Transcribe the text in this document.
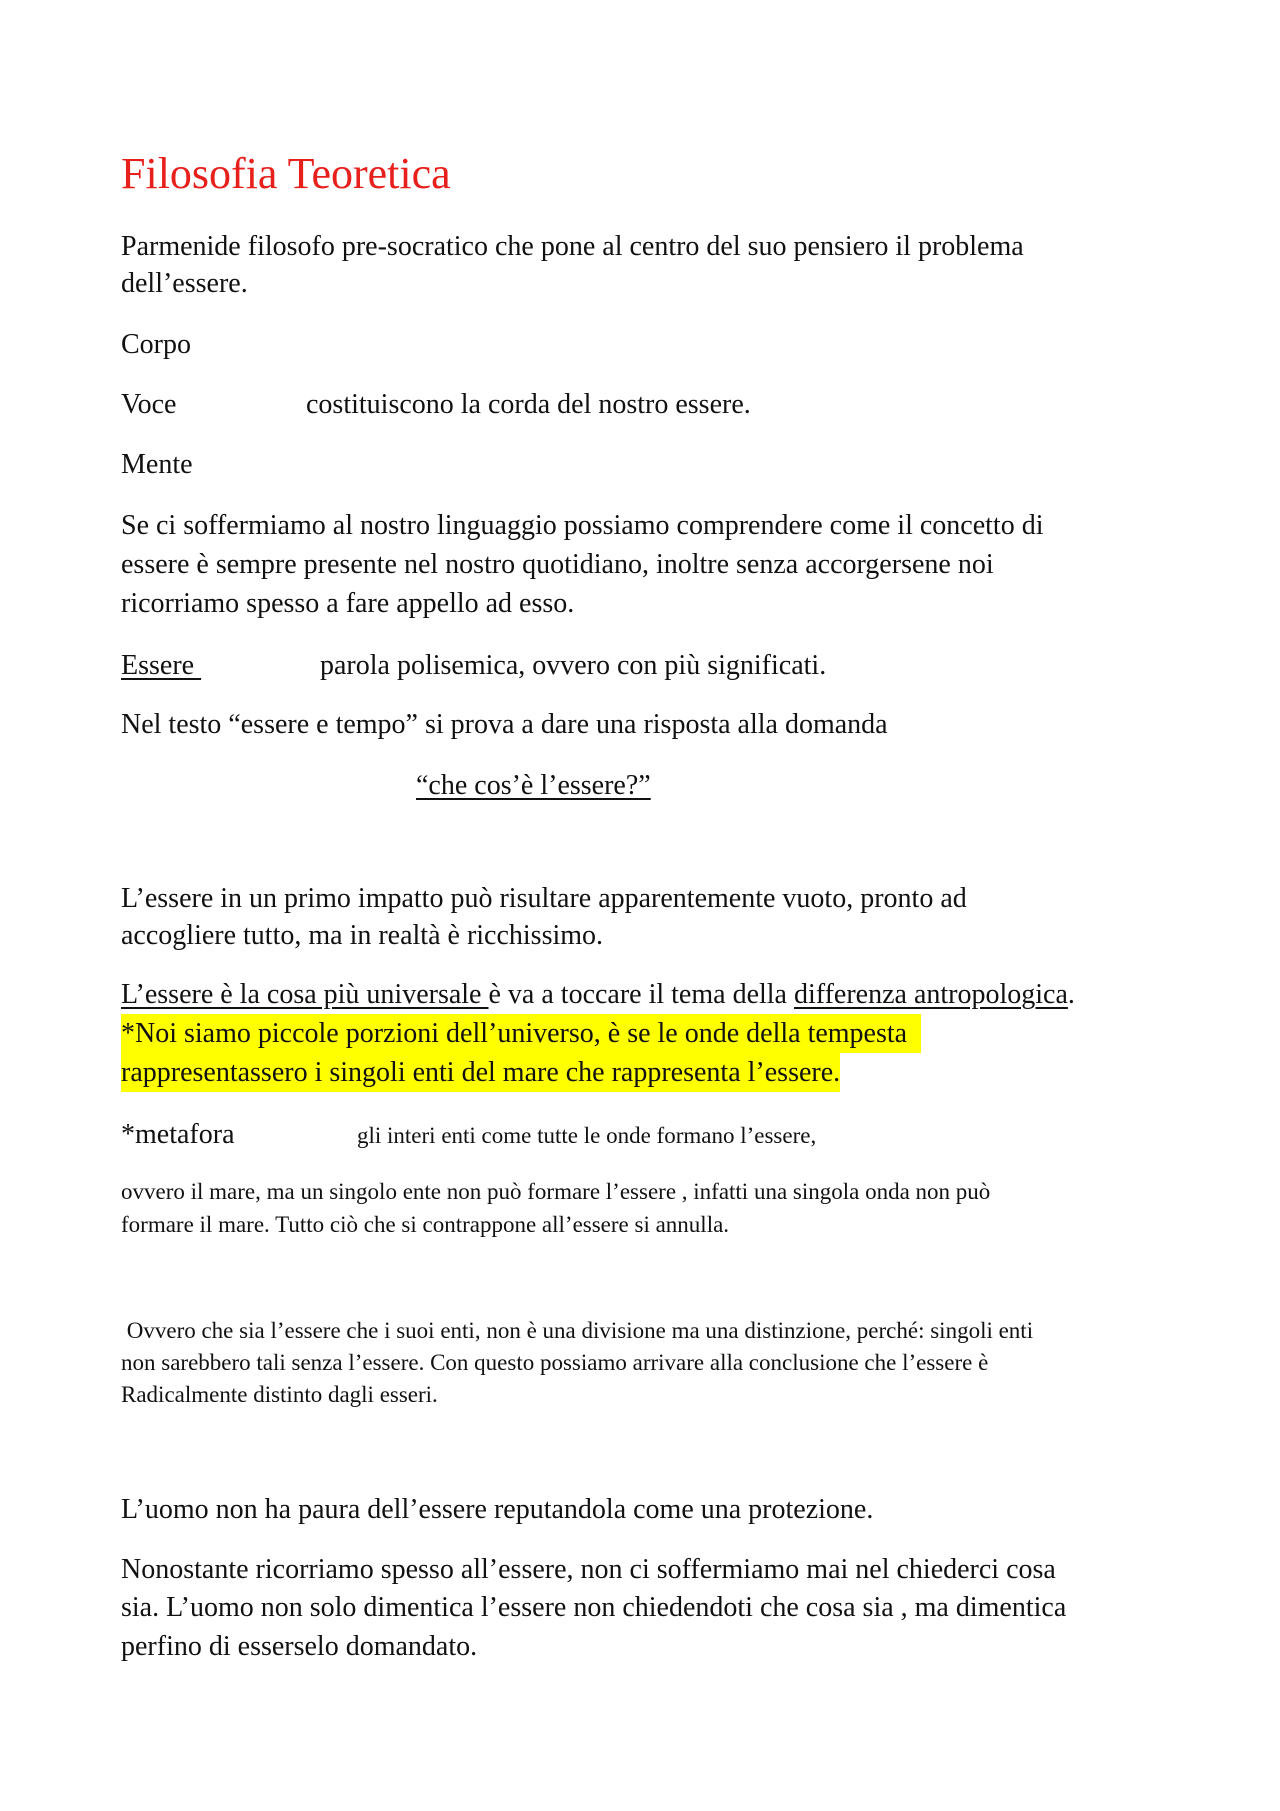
Filosofia Teoretica
Parmenide filosofo pre-socratico che pone al centro del suo pensiero il problema
dell’essere.
Corpo
Voce	costituiscono la corda del nostro essere.
Mente
Se ci soffermiamo al nostro linguaggio possiamo comprendere come il concetto di
essere è sempre presente nel nostro quotidiano, inoltre senza accorgersene noi
ricorriamo spesso a fare appello ad esso.
Essere	parola polisemica, ovvero con più significati.
Nel testo “essere e tempo” si prova a dare una risposta alla domanda
“che cos’è l’essere?”
L’essere in un primo impatto può risultare apparentemente vuoto, pronto ad
accogliere tutto, ma in realtà è ricchissimo.
L’essere è la cosa più universale è va a toccare il tema della differenza antropologica.
*Noi siamo piccole porzioni dell’universo, è se le onde della tempesta
rappresentassero i singoli enti del mare che rappresenta l’essere.
*metafora	gli interi enti come tutte le onde formano l’essere,
ovvero il mare, ma un singolo ente non può formare l’essere , infatti una singola onda non può
formare il mare. Tutto ciò che si contrappone all’essere si annulla.
Ovvero che sia l’essere che i suoi enti, non è una divisione ma una distinzione, perché: singoli enti
non sarebbero tali senza l’essere. Con questo possiamo arrivare alla conclusione che l’essere è
Radicalmente distinto dagli esseri.
L’uomo non ha paura dell’essere reputandola come una protezione.
Nonostante ricorriamo spesso all’essere, non ci soffermiamo mai nel chiederci cosa
sia. L’uomo non solo dimentica l’essere non chiedendoti che cosa sia , ma dimentica
perfino di esserselo domandato.
